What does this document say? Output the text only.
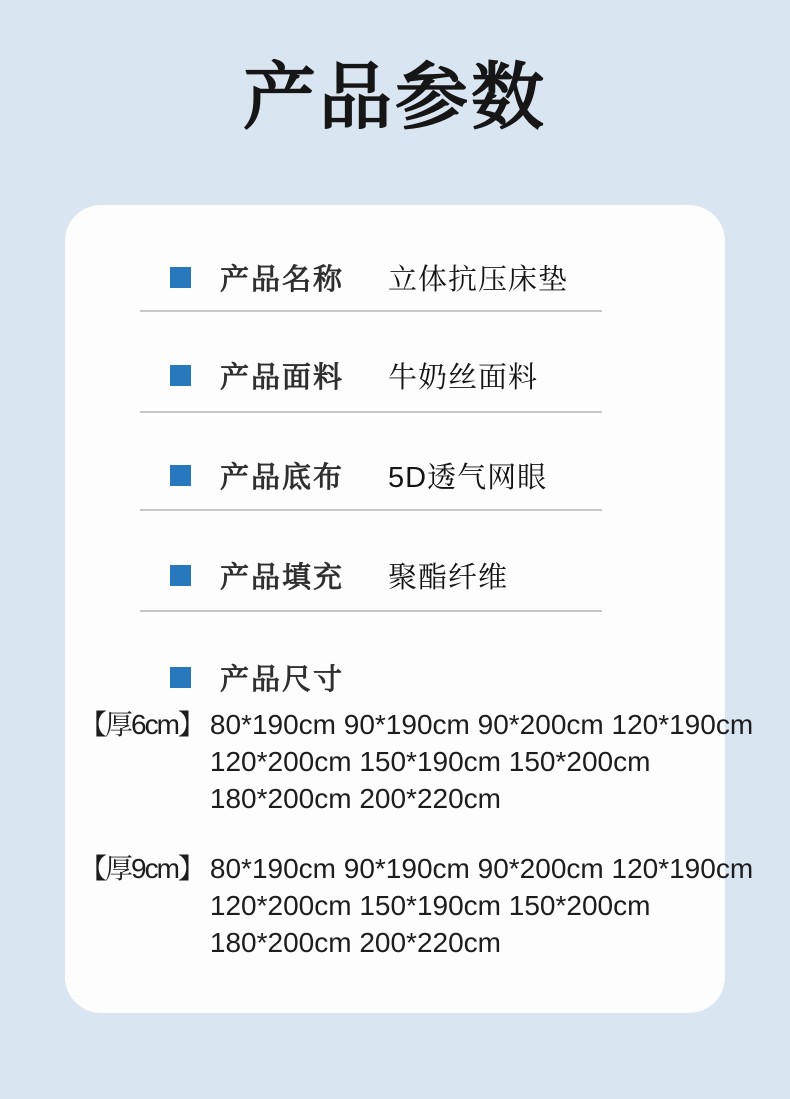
产品参数
产品名称	立体抗压床垫
产品面料	牛奶丝面料
产品底布	5D透气网眼
产品填充	聚酯纤维
产品尺寸
【厚6cm】 80*190cm 90*190cm 90*200cm 120*190cm
120*200cm 150*190cm 150*200cm
180*200cm 200*220cm
【厚9cm】 80*190cm 90*190cm 90*200cm 120*190cm
120*200cm 150*190cm 150*200cm
180*200cm 200*220cm
